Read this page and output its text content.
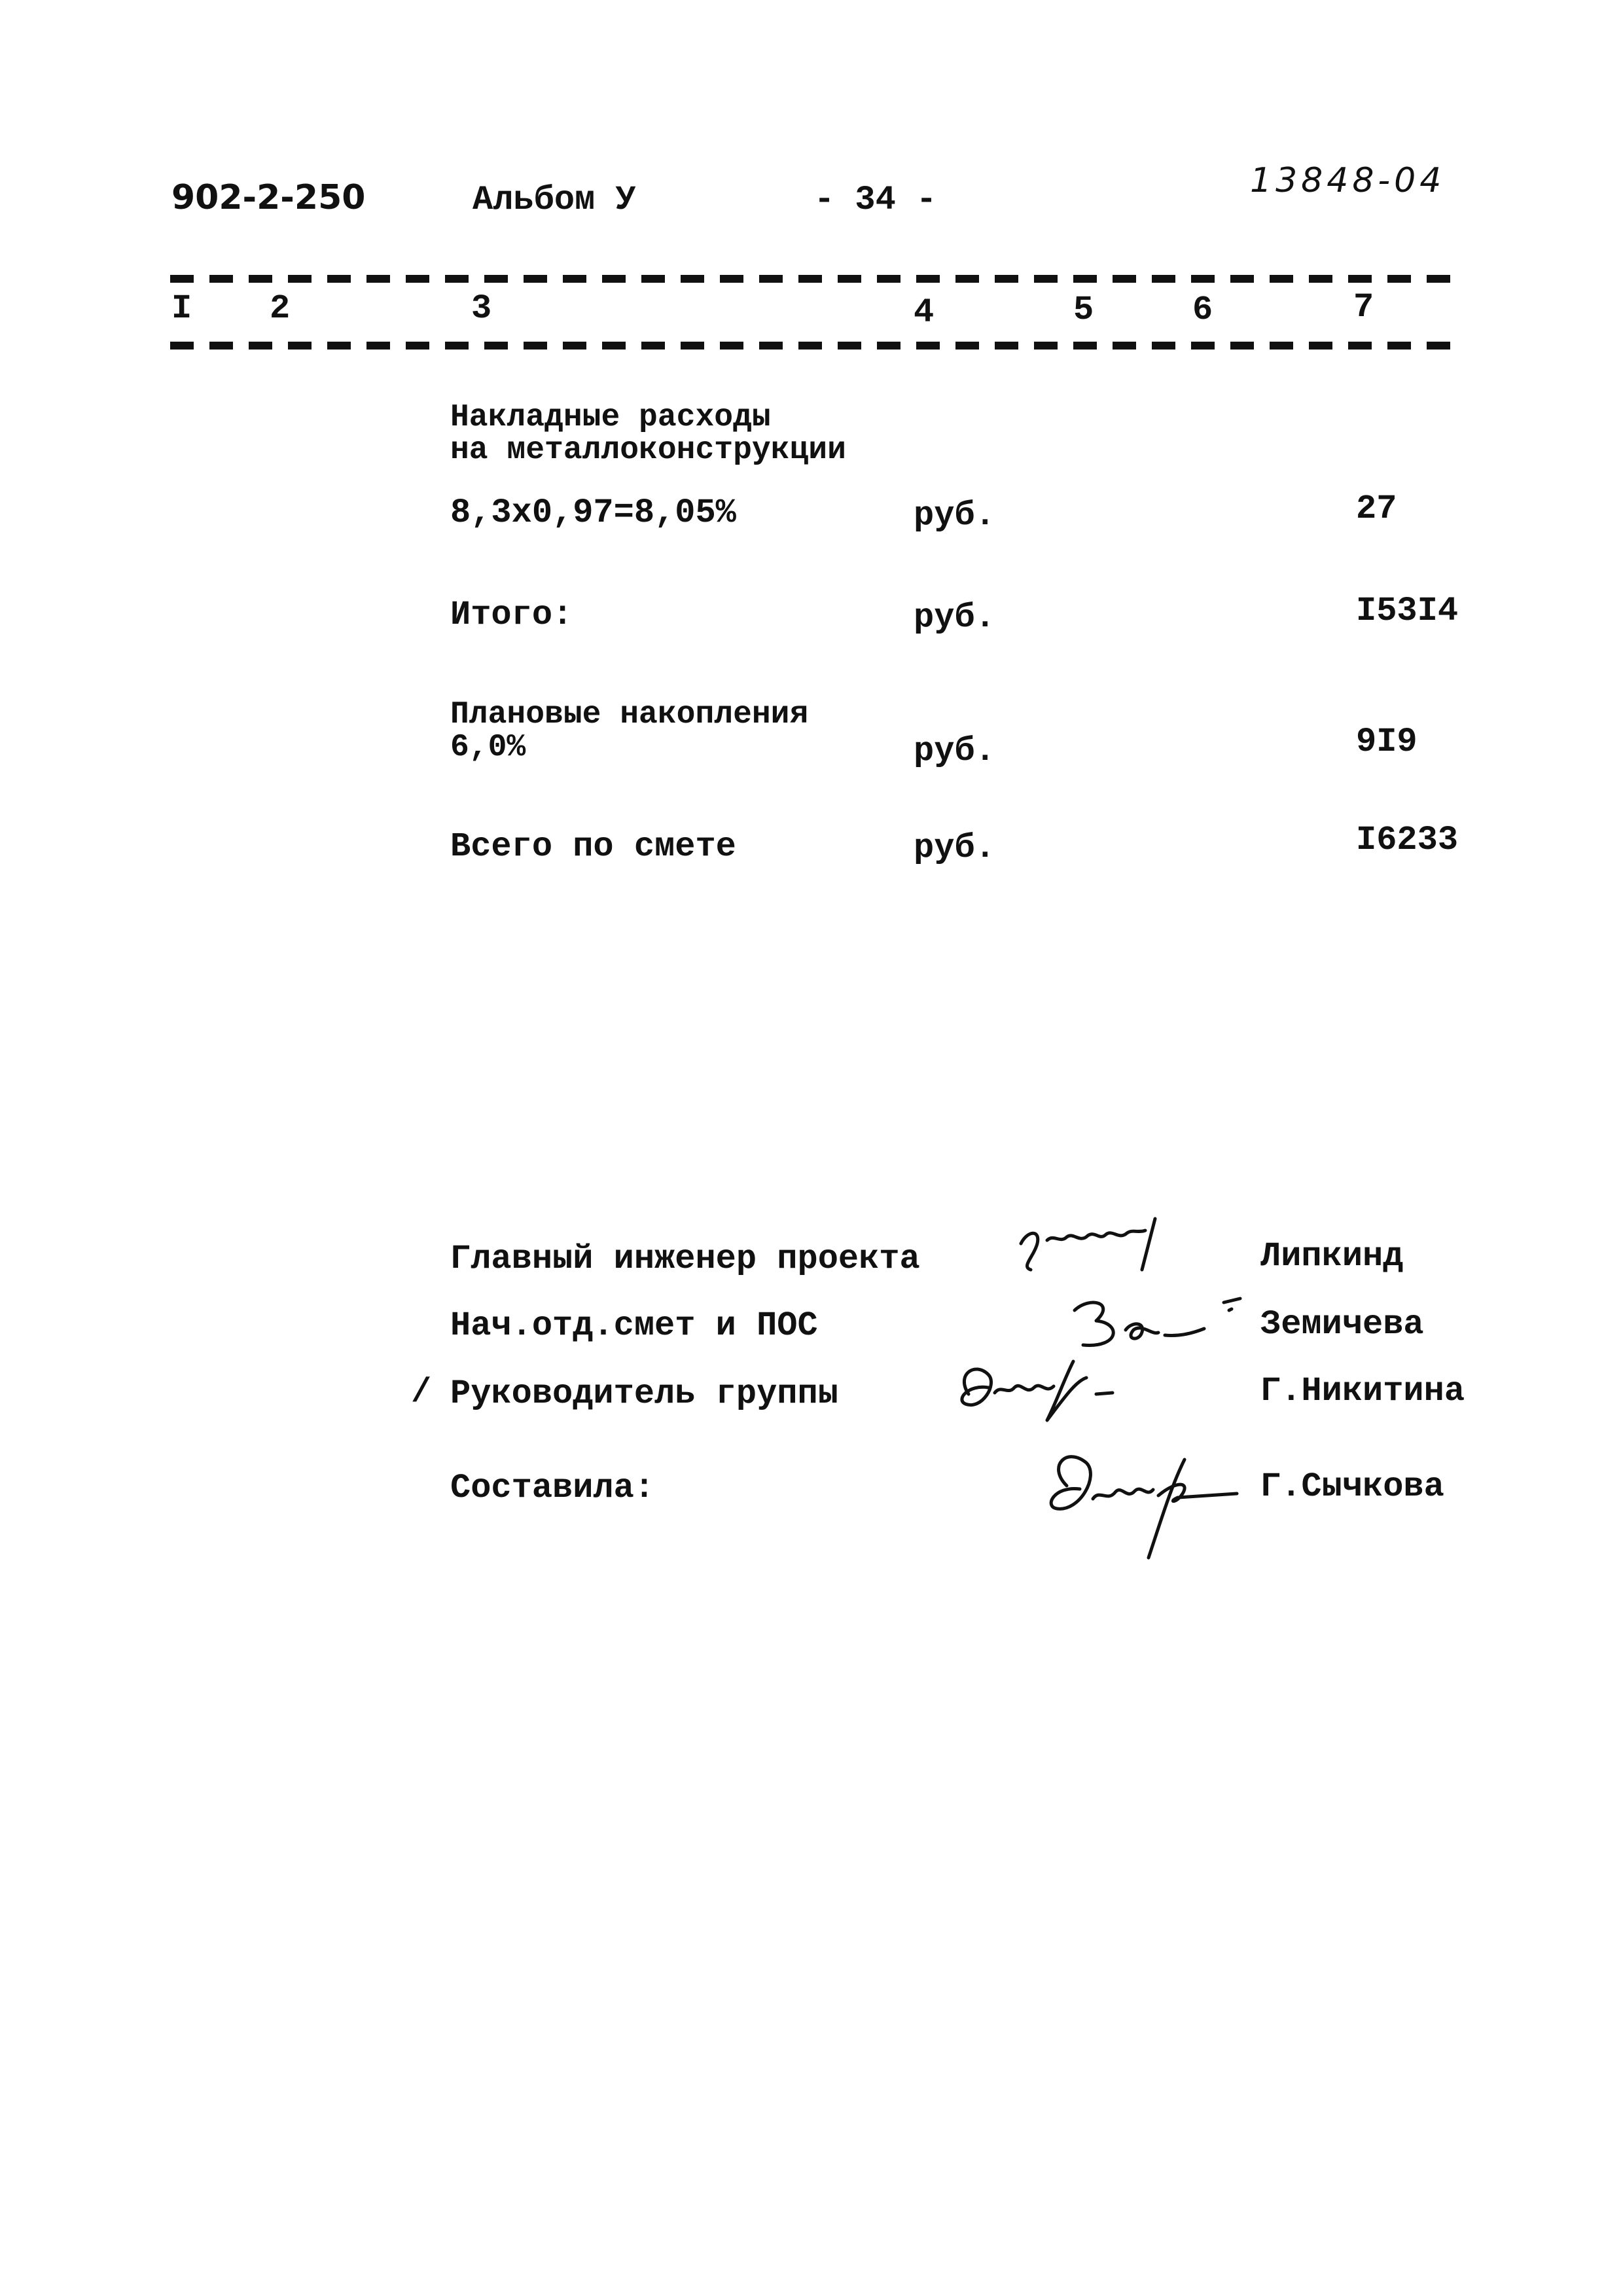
902-2-250	Альбом У	- 34 -	13848-04
I 2	3	4	5	6	7
Накладные расходы
на металлоконструкции
8,3x0,97=8,05%	руб.	27
Итого:	руб.	I53I4
Плановые накопления
6,0%	руб.	9I9
Всего по смете	руб.	I6233
Главный инженер проекта	Липкинд
Нач.отд.смет и ПОС	Земичева
/ Руководитель группы	Г.Никитина
Составила:	Г.Сычкова
